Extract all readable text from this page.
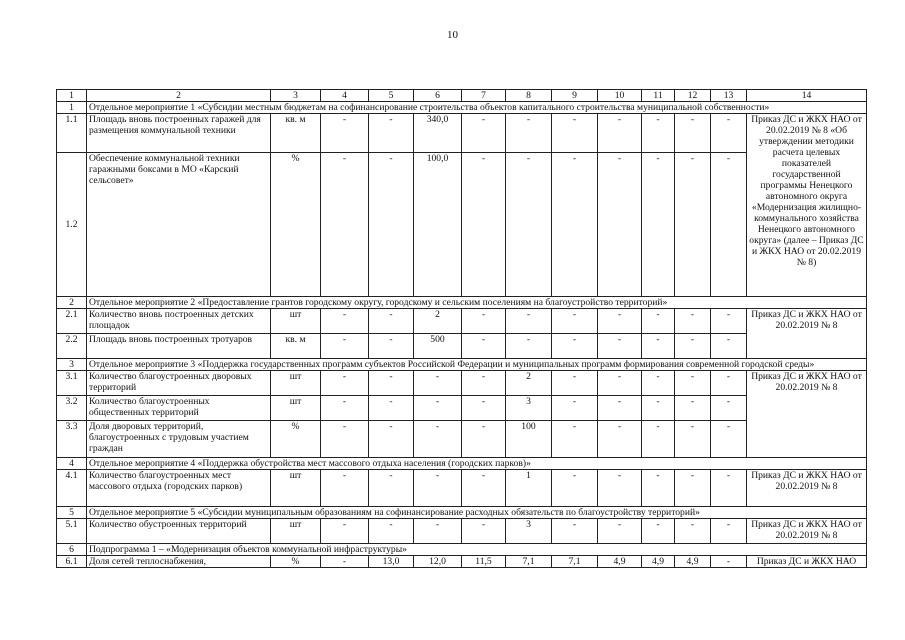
10
1	2	3	4	5	6	7	8	9	10	11	12	13	14
1	Отдельное мероприятие 1 «Субсидии местным бюджетам на софинансирование строительства объектов капитального строительства муниципальной собственности»												
1.1	Площадь вновь построенных гаражей для размещения коммунальной техники	кв. м	-	-	340,0	-	-	-	-	-	-	-	Приказ ДС и ЖКХ НАО от 20.02.2019 № 8 «Об утверждении методики расчета целевых показателей государственной программы Ненецкого автономного округа «Модернизация жилищно-коммунального хозяйства Ненецкого автономного округа» (далее – Приказ ДС и ЖКХ НАО от 20.02.2019 № 8)
1.2	Обеспечение коммунальной техники гаражными боксами в МО «Карский сельсовет»	%	-	-	100,0	-	-	-	-	-	-	-	
2	Отдельное мероприятие 2 «Предоставление грантов городскому округу, городскому и сельским поселениям на благоустройство территорий»												
2.1	Количество вновь построенных детских площадок	шт	-	-	2	-	-	-	-	-	-	-	Приказ ДС и ЖКХ НАО от 20.02.2019 № 8
2.2	Площадь вновь построенных тротуаров	кв. м	-	-	500	-	-	-	-	-	-	-	
3	Отдельное мероприятие 3 «Поддержка государственных программ субъектов Российской Федерации и муниципальных программ формирования современной городской среды»												
3.1	Количество благоустроенных дворовых территорий	шт	-	-	-	-	2	-	-	-	-	-	Приказ ДС и ЖКХ НАО от 20.02.2019 № 8
3.2	Количество благоустроенных общественных территорий	шт	-	-	-	-	3	-	-	-	-	-	
3.3	Доля дворовых территорий, благоустроенных с трудовым участием граждан	%	-	-	-	-	100	-	-	-	-	-	
4	Отдельное мероприятие 4 «Поддержка обустройства мест массового отдыха населения (городских парков)»												
4.1	Количество благоустроенных мест массового отдыха (городских парков)	шт	-	-	-	-	1	-	-	-	-	-	Приказ ДС и ЖКХ НАО от 20.02.2019 № 8
5	Отдельное мероприятие 5 «Субсидии муниципальным образованиям на софинансирование расходных обязательств по благоустройству территорий»												
5.1	Количество обустроенных территорий	шт	-	-	-	-	3	-	-	-	-	-	Приказ ДС и ЖКХ НАО от 20.02.2019 № 8
6	Подпрограмма 1 – «Модернизация объектов коммунальной инфраструктуры»												
6.1	Доля сетей теплоснабжения,	%	-	13,0	12,0	11,5	7,1	7,1	4,9	4,9	4,9	-	Приказ ДС и ЖКХ НАО
